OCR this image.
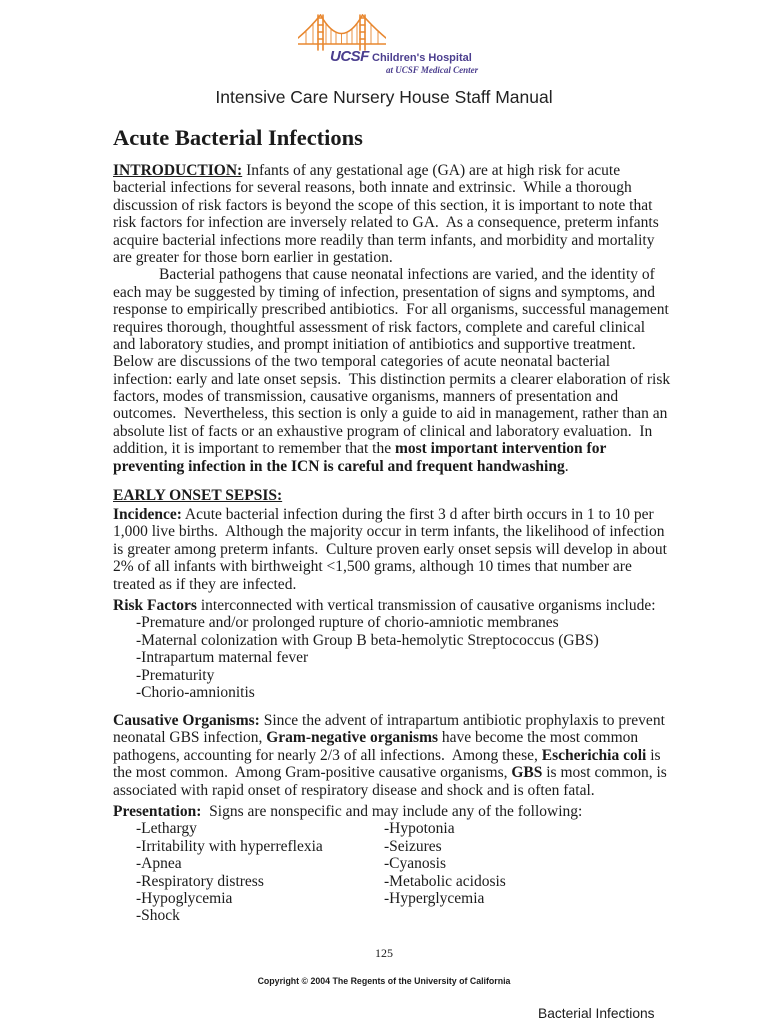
UCSF Children's Hospital
at UCSF Medical Center
Intensive Care Nursery House Staff Manual
Acute Bacterial Infections
INTRODUCTION: Infants of any gestational age (GA) are at high risk for acute
bacterial infections for several reasons, both innate and extrinsic.  While a thorough
discussion of risk factors is beyond the scope of this section, it is important to note that
risk factors for infection are inversely related to GA.  As a consequence, preterm infants
acquire bacterial infections more readily than term infants, and morbidity and mortality
are greater for those born earlier in gestation.
Bacterial pathogens that cause neonatal infections are varied, and the identity of
each may be suggested by timing of infection, presentation of signs and symptoms, and
response to empirically prescribed antibiotics.  For all organisms, successful management
requires thorough, thoughtful assessment of risk factors, complete and careful clinical
and laboratory studies, and prompt initiation of antibiotics and supportive treatment.
Below are discussions of the two temporal categories of acute neonatal bacterial
infection: early and late onset sepsis.  This distinction permits a clearer elaboration of risk
factors, modes of transmission, causative organisms, manners of presentation and
outcomes.  Nevertheless, this section is only a guide to aid in management, rather than an
absolute list of facts or an exhaustive program of clinical and laboratory evaluation.  In
addition, it is important to remember that the most important intervention for
preventing infection in the ICN is careful and frequent handwashing.
EARLY ONSET SEPSIS:
Incidence: Acute bacterial infection during the first 3 d after birth occurs in 1 to 10 per
1,000 live births.  Although the majority occur in term infants, the likelihood of infection
is greater among preterm infants.  Culture proven early onset sepsis will develop in about
2% of all infants with birthweight <1,500 grams, although 10 times that number are
treated as if they are infected.
Risk Factors interconnected with vertical transmission of causative organisms include:
-Premature and/or prolonged rupture of chorio-amniotic membranes
-Maternal colonization with Group B beta-hemolytic Streptococcus (GBS)
-Intrapartum maternal fever
-Prematurity
-Chorio-amnionitis
Causative Organisms: Since the advent of intrapartum antibiotic prophylaxis to prevent
neonatal GBS infection, Gram-negative organisms have become the most common
pathogens, accounting for nearly 2/3 of all infections.  Among these, Escherichia coli is
the most common.  Among Gram-positive causative organisms, GBS is most common, is
associated with rapid onset of respiratory disease and shock and is often fatal.
Presentation:  Signs are nonspecific and may include any of the following:
-Lethargy	-Hypotonia
-Irritability with hyperreflexia	-Seizures
-Apnea	-Cyanosis
-Respiratory distress	-Metabolic acidosis
-Hypoglycemia	-Hyperglycemia
-Shock
125
Copyright © 2004 The Regents of the University of California
Bacterial Infections
